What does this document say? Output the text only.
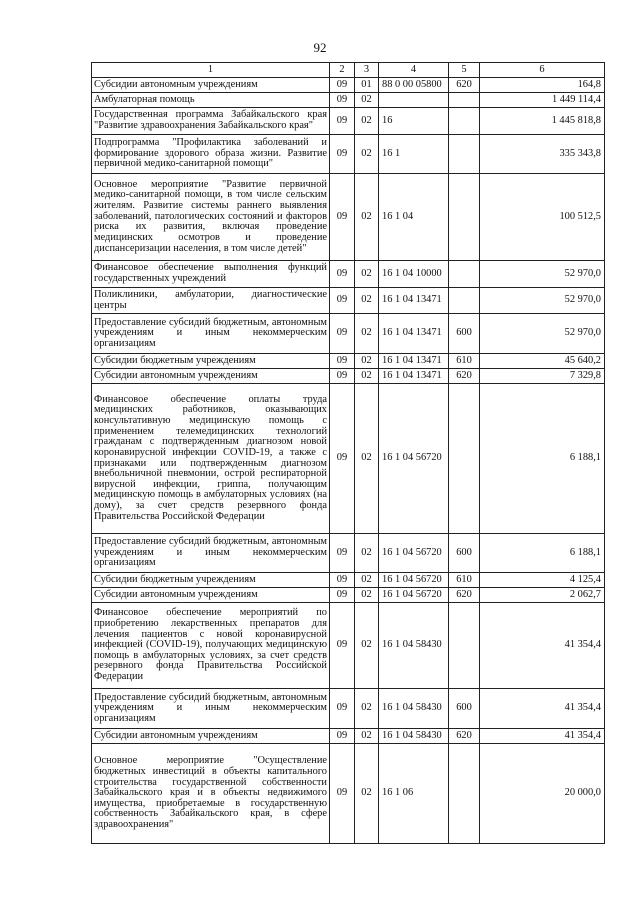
92
1	2	3	4	5	6
Субсидии автономным учреждениям	09	01	88 0 00 05800	620	164,8
Амбулаторная помощь	09	02			1 449 114,4
Государственная программа Забайкальского края "Развитие здравоохранения Забайкальского края"	09	02	16		1 445 818,8
Подпрограмма "Профилактика заболеваний и формирование здорового образа жизни. Развитие первичной медико-санитарной помощи"	09	02	16 1		335 343,8
Основное мероприятие "Развитие первичной медико-санитарной помощи, в том числе сельским жителям. Развитие системы раннего выявления заболеваний, патологических состояний и факторов риска их развития, включая проведение медицинских осмотров и проведение диспансеризации населения, в том числе детей"	09	02	16 1 04		100 512,5
Финансовое обеспечение выполнения функций государственных учреждений	09	02	16 1 04 10000		52 970,0
Поликлиники, амбулатории, диагностические центры	09	02	16 1 04 13471		52 970,0
Предоставление субсидий бюджетным, автономным учреждениям и иным некоммерческим организациям	09	02	16 1 04 13471	600	52 970,0
Субсидии бюджетным учреждениям	09	02	16 1 04 13471	610	45 640,2
Субсидии автономным учреждениям	09	02	16 1 04 13471	620	7 329,8
Финансовое обеспечение оплаты труда медицинских работников, оказывающих консультативную медицинскую помощь с применением телемедицинских технологий гражданам с подтвержденным диагнозом новой коронавирусной инфекции COVID-19, а также с признаками или подтвержденным диагнозом внебольничной пневмонии, острой респираторной вирусной инфекции, гриппа, получающим медицинскую помощь в амбулаторных условиях (на дому), за счет средств резервного фонда Правительства Российской Федерации	09	02	16 1 04 56720		6 188,1
Предоставление субсидий бюджетным, автономным учреждениям и иным некоммерческим организациям	09	02	16 1 04 56720	600	6 188,1
Субсидии бюджетным учреждениям	09	02	16 1 04 56720	610	4 125,4
Субсидии автономным учреждениям	09	02	16 1 04 56720	620	2 062,7
Финансовое обеспечение мероприятий по приобретению лекарственных препаратов для лечения пациентов с новой коронавирусной инфекцией (COVID-19), получающих медицинскую помощь в амбулаторных условиях, за счет средств резервного фонда Правительства Российской Федерации	09	02	16 1 04 58430		41 354,4
Предоставление субсидий бюджетным, автономным учреждениям и иным некоммерческим организациям	09	02	16 1 04 58430	600	41 354,4
Субсидии автономным учреждениям	09	02	16 1 04 58430	620	41 354,4
Основное мероприятие "Осуществление бюджетных инвестиций в объекты капитального строительства государственной собственности Забайкальского края и в объекты недвижимого имущества, приобретаемые в государственную собственность Забайкальского края, в сфере здравоохранения"	09	02	16 1 06		20 000,0
